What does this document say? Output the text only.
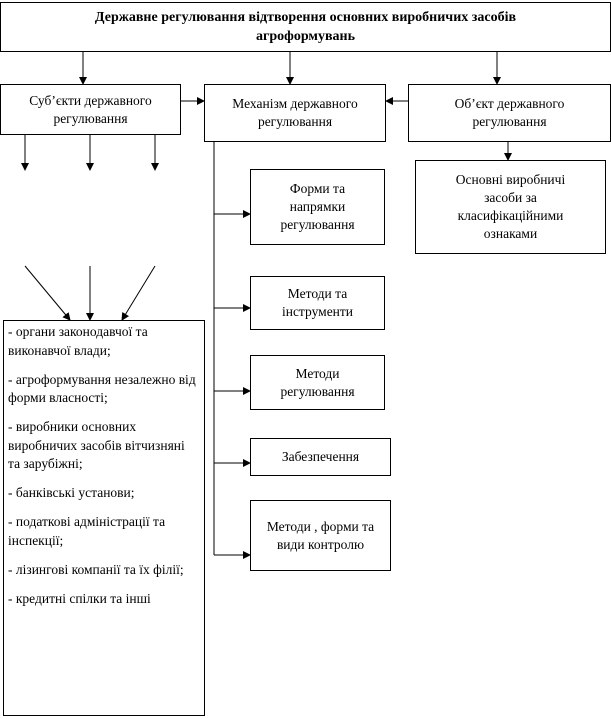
Державне регулювання відтворення основних виробничих засобів агроформувань
Суб’єкти державного регулювання
Механізм державного регулювання
Об’єкт державного регулювання
Основні виробничі засоби за класифікаційними ознаками
Форми та напрямки регулювання
Методи та інструменти
Методи регулювання
Забезпечення
Методи , форми та види контролю
- органи законодавчої та виконавчої влади;
- агроформування незалежно від форми власності;
- виробники основних виробничих засобів вітчизняні та зарубіжні;
- банківські установи;
- податкові адміністрації та інспекції;
- лізингові компанії та їх філії;
- кредитні спілки та інші
